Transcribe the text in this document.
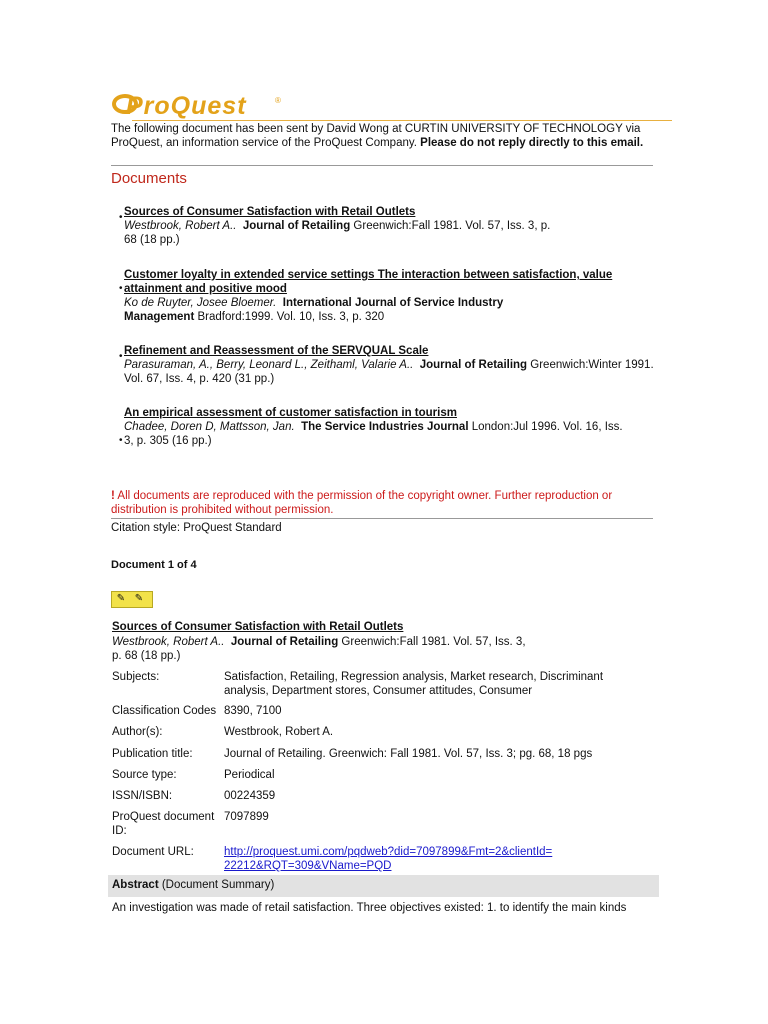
ProQuest	®
The following document has been sent by David Wong at CURTIN UNIVERSITY OF TECHNOLOGY via ProQuest, an information service of the ProQuest Company. Please do not reply directly to this email.
Documents
• Sources of Consumer Satisfaction with Retail Outlets
Westbrook, Robert A.. Journal of Retailing Greenwich:Fall 1981. Vol. 57, Iss. 3, p. 68 (18 pp.)
•
Customer loyalty in extended service settings The interaction between satisfaction, value attainment and positive mood
Ko de Ruyter, Josee Bloemer. International Journal of Service Industry Management Bradford:1999. Vol. 10, Iss. 3, p. 320
• Refinement and Reassessment of the SERVQUAL Scale
Parasuraman, A., Berry, Leonard L., Zeithaml, Valarie A.. Journal of Retailing Greenwich:Winter 1991. Vol. 67, Iss. 4, p. 420 (31 pp.)
•
An empirical assessment of customer satisfaction in tourism
Chadee, Doren D, Mattsson, Jan. The Service Industries Journal London:Jul 1996. Vol. 16, Iss. 3, p. 305 (16 pp.)
! All documents are reproduced with the permission of the copyright owner. Further reproduction or distribution is prohibited without permission.
Citation style: ProQuest Standard
Document 1 of 4
✎ ✎
Sources of Consumer Satisfaction with Retail Outlets
Westbrook, Robert A.. Journal of Retailing Greenwich:Fall 1981. Vol. 57, Iss. 3,
p. 68 (18 pp.)
Subjects:	Satisfaction, Retailing, Regression analysis, Market research, Discriminant analysis, Department stores, Consumer attitudes, Consumer
Classification Codes 8390, 7100
Author(s):	Westbrook, Robert A.
Publication title:	Journal of Retailing. Greenwich: Fall 1981. Vol. 57, Iss. 3; pg. 68, 18 pgs
Source type:	Periodical
ISSN/ISBN:	00224359
ProQuest document ID:
7097899
Document URL:	http://proquest.umi.com/pqdweb?did=7097899&Fmt=2&clientId=22212&RQT=309&VName=PQD
Abstract (Document Summary)
An investigation was made of retail satisfaction. Three objectives existed: 1. to identify the main kinds
